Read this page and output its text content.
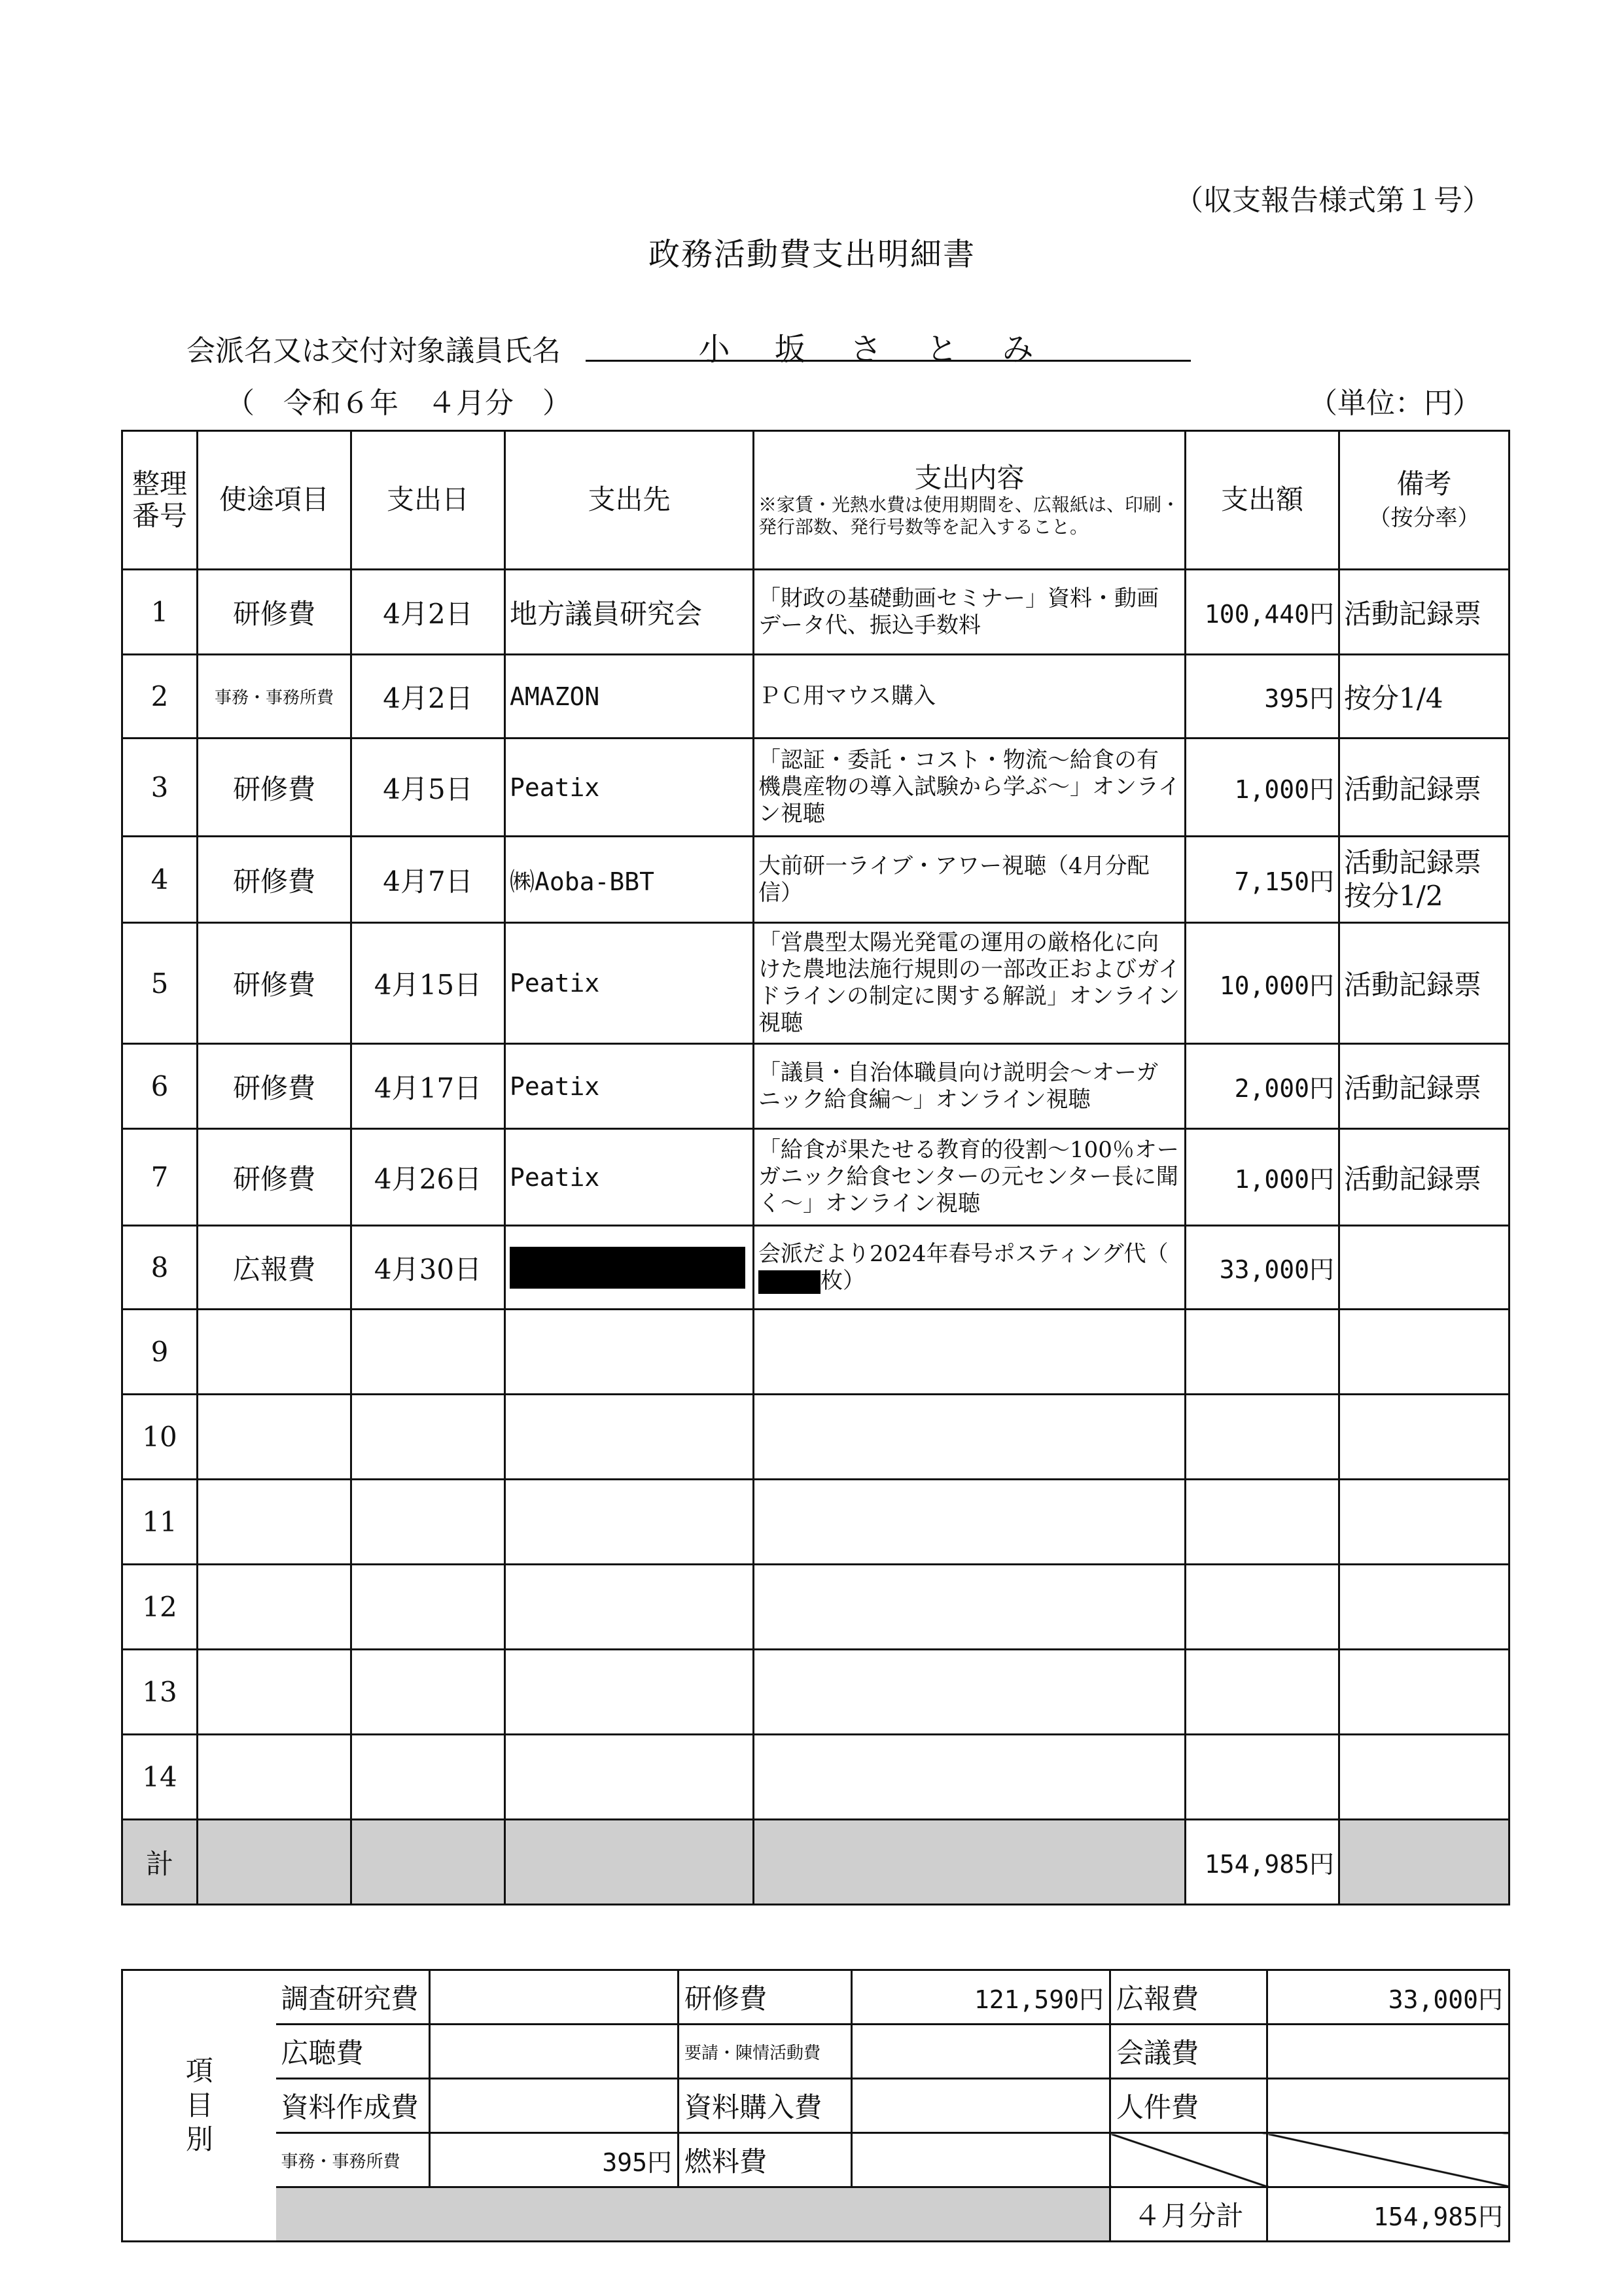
（収支報告様式第１号）
政務活動費支出明細書
会派名又は交付対象議員氏名	小坂さとみ
（　令和６年　４月分　）	（単位：円）
整理番号	使途項目	支出日	支出先	支出内容
※家賃・光熱水費は使用期間を、広報紙は、印刷・発行部数、発行号数等を記入すること。	支出額	備考
（按分率）
1	研修費	4月2日	地方議員研究会	「財政の基礎動画セミナー」資料・動画データ代、振込手数料	100,440円	活動記録票
2	事務・事務所費	4月2日	AMAZON	ＰＣ用マウス購入	395円	按分1/4
3	研修費	4月5日	Peatix	「認証・委託・コスト・物流～給食の有機農産物の導入試験から学ぶ～」オンライン視聴	1,000円	活動記録票
4	研修費	4月7日	㈱Aoba-BBT	大前研一ライブ・アワー視聴（4月分配信）	7,150円	活動記録票 按分1/2
5	研修費	4月15日	Peatix	「営農型太陽光発電の運用の厳格化に向けた農地法施行規則の一部改正およびガイドラインの制定に関する解説」オンライン視聴	10,000円	活動記録票
6	研修費	4月17日	Peatix	「議員・自治体職員向け説明会～オーガニック給食編～」オンライン視聴	2,000円	活動記録票
7	研修費	4月26日	Peatix	「給食が果たせる教育的役割～100％オーガニック給食センターの元センター長に聞く～」オンライン視聴	1,000円	活動記録票
8	広報費	4月30日		会派だより2024年春号ポスティング代（枚）	33,000円	
9						
10						
11						
12						
13						
14						
計					154,985円	
項目別	調査研究費		研修費	121,590円	広報費	33,000円
	広聴費		要請・陳情活動費		会議費	
	資料作成費		資料購入費		人件費	
	事務・事務所費	395円	燃料費			
					４月分計	154,985円
